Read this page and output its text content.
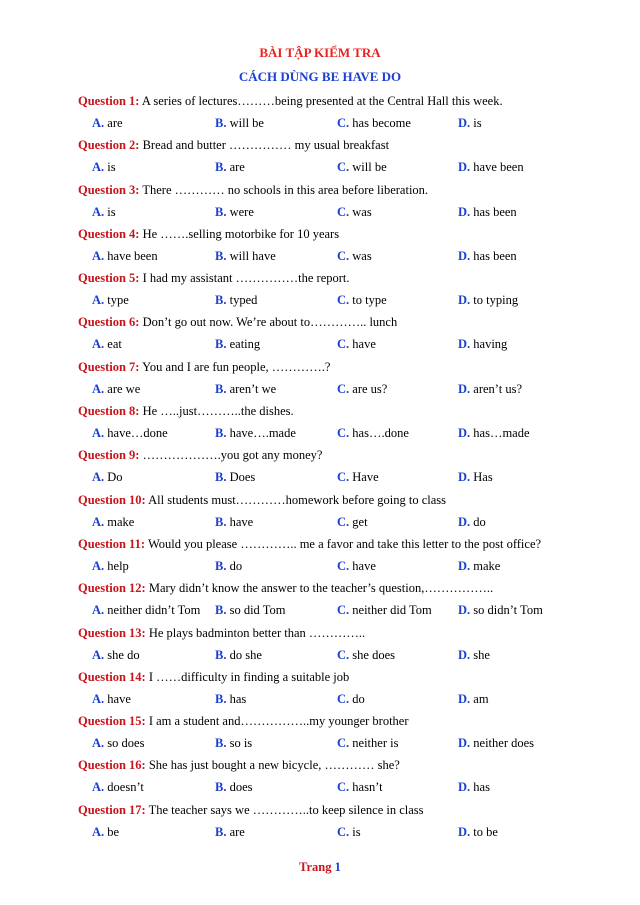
BÀI TẬP KIỂM TRA
CÁCH DÙNG BE HAVE DO
Question 1: A series of lectures………being presented at the Central Hall this week.
A. are	B. will be	C. has become	D. is
Question 2: Bread and butter …………… my usual breakfast
A. is	B. are	C. will be	D. have been
Question 3: There ………… no schools in this area before liberation.
A. is	B. were	C. was	D. has been
Question 4: He …….selling motorbike for 10 years
A. have been	B. will have	C. was	D. has been
Question 5: I had my assistant ……………the report.
A. type	B. typed	C. to type	D. to typing
Question 6: Don’t go out now. We’re about to………….. lunch
A. eat	B. eating	C. have	D. having
Question 7: You and I are fun people, ………….?
A. are we	B. aren’t we	C. are us?	D. aren’t us?
Question 8: He …..just………..the dishes.
A. have…done	B. have….made	C. has….done	D. has…made
Question 9: ……………….you got any money?
A. Do	B. Does	C. Have	D. Has
Question 10: All students must…………homework before going to class
A. make	B. have	C. get	D. do
Question 11: Would you please ………….. me a favor and take this letter to the post office?
A. help	B. do	C. have	D. make
Question 12: Mary didn’t know the answer to the teacher’s question,……………..
A. neither didn’t Tom B. so did Tom	C. neither did Tom D. so didn’t Tom
Question 13: He plays badminton better than …………..
A. she do	B. do she	C. she does	D. she
Question 14: I ……difficulty in finding a suitable job
A. have	B. has	C. do	D. am
Question 15: I am a student and……………..my younger brother
A. so does	B. so is	C. neither is	D. neither does
Question 16: She has just bought a new bicycle, ………… she?
A. doesn’t	B. does	C. hasn’t	D. has
Question 17: The teacher says we …………..to keep silence in class
A. be	B. are	C. is	D. to be
Trang 1
